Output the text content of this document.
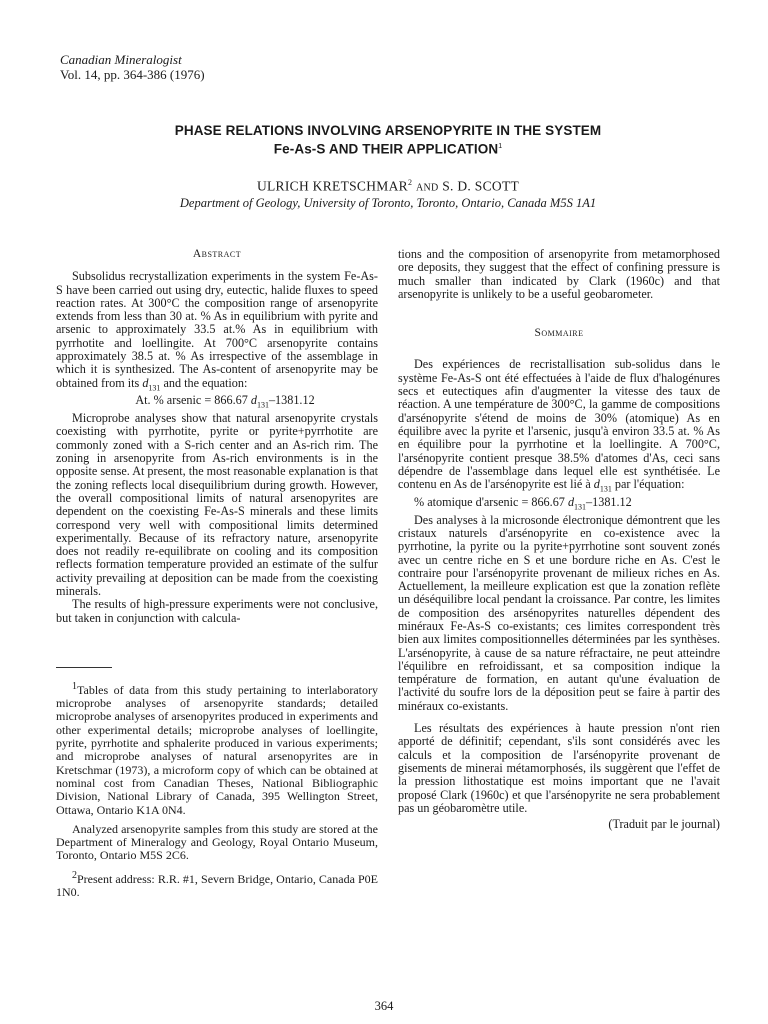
Canadian Mineralogist
Vol. 14, pp. 364-386 (1976)
PHASE RELATIONS INVOLVING ARSENOPYRITE IN THE SYSTEM
Fe-As-S AND THEIR APPLICATION$^1$
ULRICH KRETSCHMAR$^2$ AND S. D. SCOTT
Department of Geology, University of Toronto, Toronto, Ontario, Canada M5S 1A1
Abstract

Subsolidus recrystallization experiments in the system Fe-As-S have been carried out using dry, eutectic, halide fluxes to speed reaction rates. At 300°C the composition range of arsenopyrite extends from less than 30 at. % As in equilibrium with pyrite and arsenic to approximately 33.5 at.% As in equilibrium with pyrrhotite and loellingite. At 700°C arsenopyrite contains approximately 38.5 at. % As irrespective of the assemblage in which it is synthesized. The As-content of arsenopyrite may be obtained from its $d_{131}$ and the equation:

At. % arsenic = 866.67 $d_{131}-1381.12$

Microprobe analyses show that natural arsenopyrite crystals coexisting with pyrrhotite, pyrite or pyrite+pyrrhotite are commonly zoned with a S-rich center and an As-rich rim. The zoning in arsenopyrite from As-rich environments is in the opposite sense. At present, the most reasonable explanation is that the zoning reflects local disequilibrium during growth. However, the overall compositional limits of natural arsenopyrites are dependent on the coexisting Fe-As-S minerals and these limits correspond very well with compositional limits determined experimentally. Because of its refractory nature, arsenopyrite does not readily re-equilibrate on cooling and its composition reflects formation temperature provided an estimate of the sulfur activity prevailing at deposition can be made from the coexisting minerals.

The results of high-pressure experiments were not conclusive, but taken in conjunction with calcula-

$^1$Tables of data from this study pertaining to interlaboratory microprobe analyses of arsenopyrite standards; detailed microprobe analyses of arsenopyrites produced in experiments and other experimental details; microprobe analyses of loellingite, pyrite, pyrrhotite and sphalerite produced in various experiments; and microprobe analyses of natural arsenopyrites are in Kretschmar (1973), a microform copy of which can be obtained at nominal cost from Canadian Theses, National Bibliographic Division, National Library of Canada, 395 Wellington Street, Ottawa, Ontario K1A 0N4.

Analyzed arsenopyrite samples from this study are stored at the Department of Mineralogy and Geology, Royal Ontario Museum, Toronto, Ontario M5S 2C6.

$^2$Present address: R.R. #1, Severn Bridge, Ontario, Canada P0E 1N0.

tions and the composition of arsenopyrite from metamorphosed ore deposits, they suggest that the effect of confining pressure is much smaller than indicated by Clark (1960c) and that arsenopyrite is unlikely to be a useful geobarometer.

Sommaire

Des expériences de recristallisation sub-solidus dans le système Fe-As-S ont été effectuées à l'aide de flux d'halogénures secs et eutectiques afin d'augmenter la vitesse des taux de réaction. A une température de 300°C, la gamme de compositions d'arsénopyrite s'étend de moins de 30% (atomique) As en équilibre avec la pyrite et l'arsenic, jusqu'à environ 33.5 at. % As en équilibre pour la pyrrhotine et la loellingite. A 700°C, l'arsénopyrite contient presque 38.5% d'atomes d'As, ceci sans dépendre de l'assemblage dans lequel elle est synthétisée. Le contenu en As de l'arsénopyrite est lié à $d_{131}$ par l'équation:

% atomique d'arsenic = 866.67 $d_{131}-1381.12$

Des analyses à la microsonde électronique démontrent que les cristaux naturels d'arsénopyrite en co-existence avec la pyrrhotine, la pyrite ou la pyrite+pyrrhotine sont souvent zonés avec un centre riche en S et une bordure riche en As. C'est le contraire pour l'arsénopyrite provenant de milieux riches en As. Actuellement, la meilleure explication est que la zonation reflète un déséquilibre local pendant la croissance. Par contre, les limites de composition des arsénopyrites naturelles dépendent des minéraux Fe-As-S co-existants; ces limites correspondent très bien aux limites compositionnelles déterminées par les synthèses. L'arsénopyrite, à cause de sa nature réfractaire, ne peut atteindre l'équilibre en refroidissant, et sa composition indique la température de formation, en autant qu'une évaluation de l'activité du soufre lors de la déposition peut se faire à partir des minéraux co-existants.

Les résultats des expériences à haute pression n'ont rien apporté de définitif; cependant, s'ils sont considérés avec les calculs et la composition de l'arsénopyrite provenant de gisements de minerai métamorphosés, ils suggèrent que l'effet de la pression lithostatique est moins important que ne l'avait proposé Clark (1960c) et que l'arsénopyrite ne sera probablement pas un géobaromètre utile.

(Traduit par le journal)
364
